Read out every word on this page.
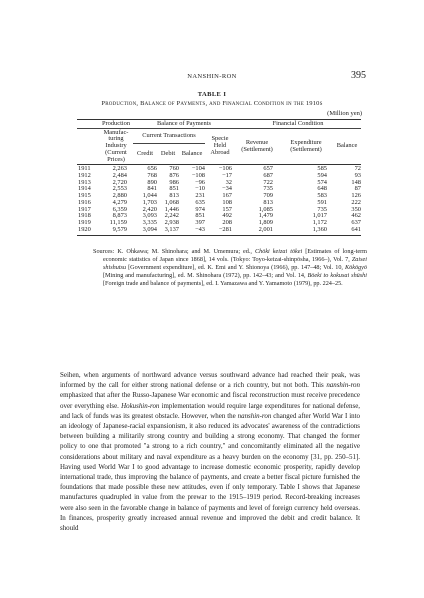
NANSHIN-RON	395
TABLE I
Production, Balance of Payments, and Financial Condition in the 1910s
(Million yen)
	Production	Balance of Payments				Financial Condition		
	Manufac-turing Industry (Current Prices)	Current Transactions			Specie Held Abroad	Revenue (Settlement)	Expenditure (Settlement)	Balance
		Credit	Debit	Balance				
1911	2,263	656	760	−104	−106	657	585	72
1912	2,484	768	876	−108	−17	687	594	93
1913	2,720	890	986	−96	32	722	574	148
1914	2,553	841	851	−10	−34	735	648	87
1915	2,880	1,044	813	231	167	709	583	126
1916	4,279	1,703	1,068	635	108	813	591	222
1917	6,359	2,420	1,446	974	157	1,085	735	350
1918	8,873	3,093	2,242	851	492	1,479	1,017	462
1919	11,159	3,335	2,938	397	208	1,809	1,172	637
1920	9,579	3,094	3,137	−43	−281	2,001	1,360	641

Sources: K. Ohkawa; M. Shinohara; and M. Umemura; ed., Chōki keizai tōkei [Estimates of long-term economic statistics of Japan since 1868], 14 vols. (Tokyo: Toyo-keizai-shinpōsha, 1966–), Vol. 7, Zaisei shishutsu [Government expenditure], ed. K. Emi and Y. Shionoya (1966), pp. 147–48; Vol. 10, Kōkōgyō [Mining and manufacturing], ed. M. Shinohara (1972), pp. 142–43; and Vol. 14, Bōeki to kokusai shūshi [Foreign trade and balance of payments], ed. I. Yamazawa and Y. Yamamoto (1979), pp. 224–25.

Seihen, when arguments of northward advance versus southward advance had reached their peak, was informed by the call for either strong national defense or a rich country, but not both. This nanshin-ron emphasized that after the Russo-Japanese War economic and fiscal reconstruction must receive precedence over everything else. Hokushin-ron implementation would require large expenditures for national defense, and lack of funds was its greatest obstacle. However, when the nanshin-ron changed after World War I into an ideology of Japanese-racial expansionism, it also reduced its advocates' awareness of the contradictions between building a militarily strong country and building a strong economy. That changed the former policy to one that promoted "a strong to a rich country," and concomitantly eliminated all the negative considerations about military and naval expenditure as a heavy burden on the economy [31, pp. 250–51]. Having used World War I to good advantage to increase domestic economic prosperity, rapidly develop international trade, thus improving the balance of payments, and create a better fiscal picture furnished the foundations that made possible these new attitudes, even if only temporary. Table I shows that Japanese manufactures quadrupled in value from the prewar to the 1915–1919 period. Record-breaking increases were also seen in the favorable change in balance of payments and level of foreign currency held overseas. In finances, prosperity greatly increased annual revenue and improved the debit and credit balance. It should
